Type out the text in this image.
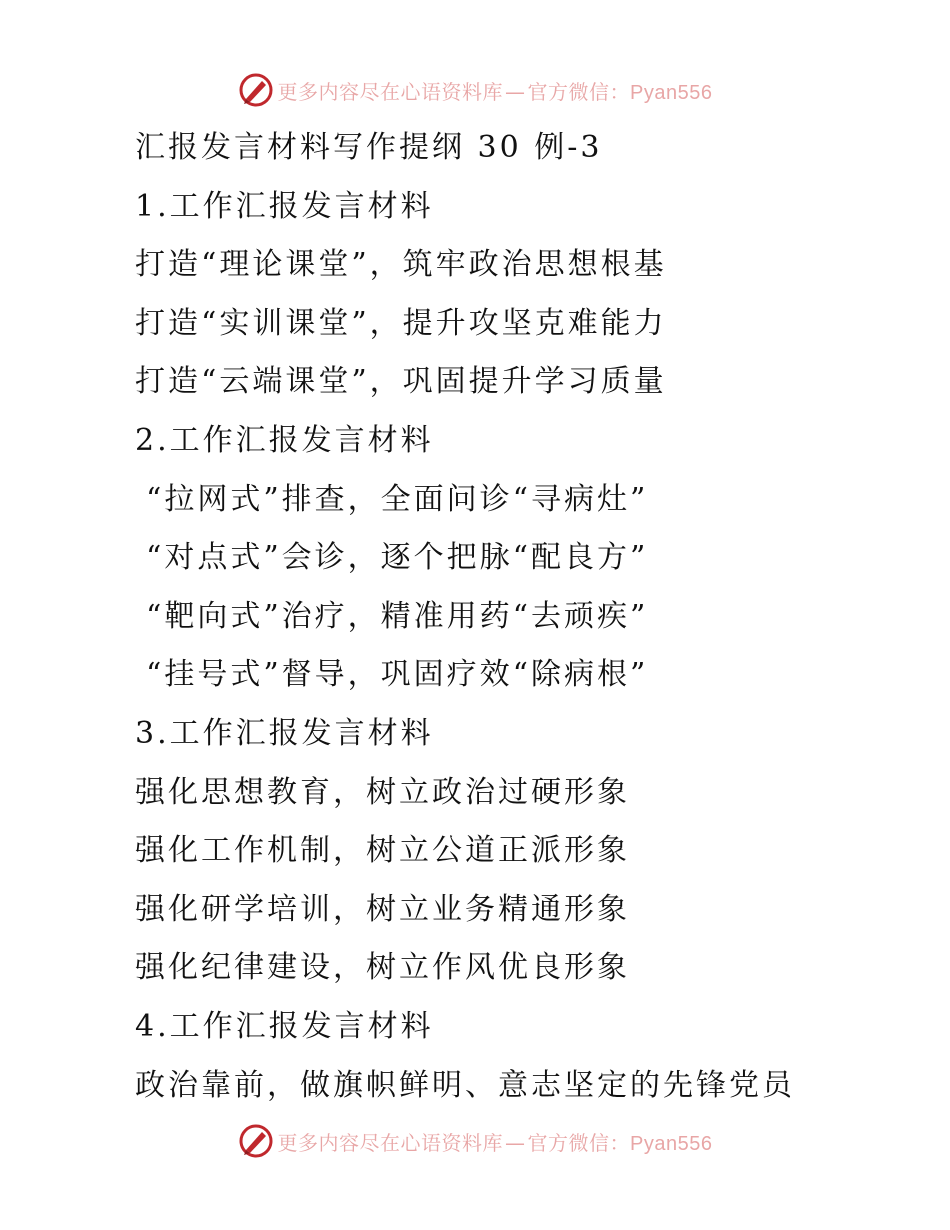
更多内容尽在心语资料库 — 官方微信：Pyan556
汇报发言材料写作提纲 30 例-3
1.工作汇报发言材料
打造“理论课堂”，筑牢政治思想根基
打造“实训课堂”，提升攻坚克难能力
打造“云端课堂”，巩固提升学习质量
2.工作汇报发言材料
“拉网式”排查，全面问诊“寻病灶”
“对点式”会诊，逐个把脉“配良方”
“靶向式”治疗，精准用药“去顽疾”
“挂号式”督导，巩固疗效“除病根”
3.工作汇报发言材料
强化思想教育，树立政治过硬形象
强化工作机制，树立公道正派形象
强化研学培训，树立业务精通形象
强化纪律建设，树立作风优良形象
4.工作汇报发言材料
政治靠前，做旗帜鲜明、意志坚定的先锋党员
更多内容尽在心语资料库 — 官方微信：Pyan556
